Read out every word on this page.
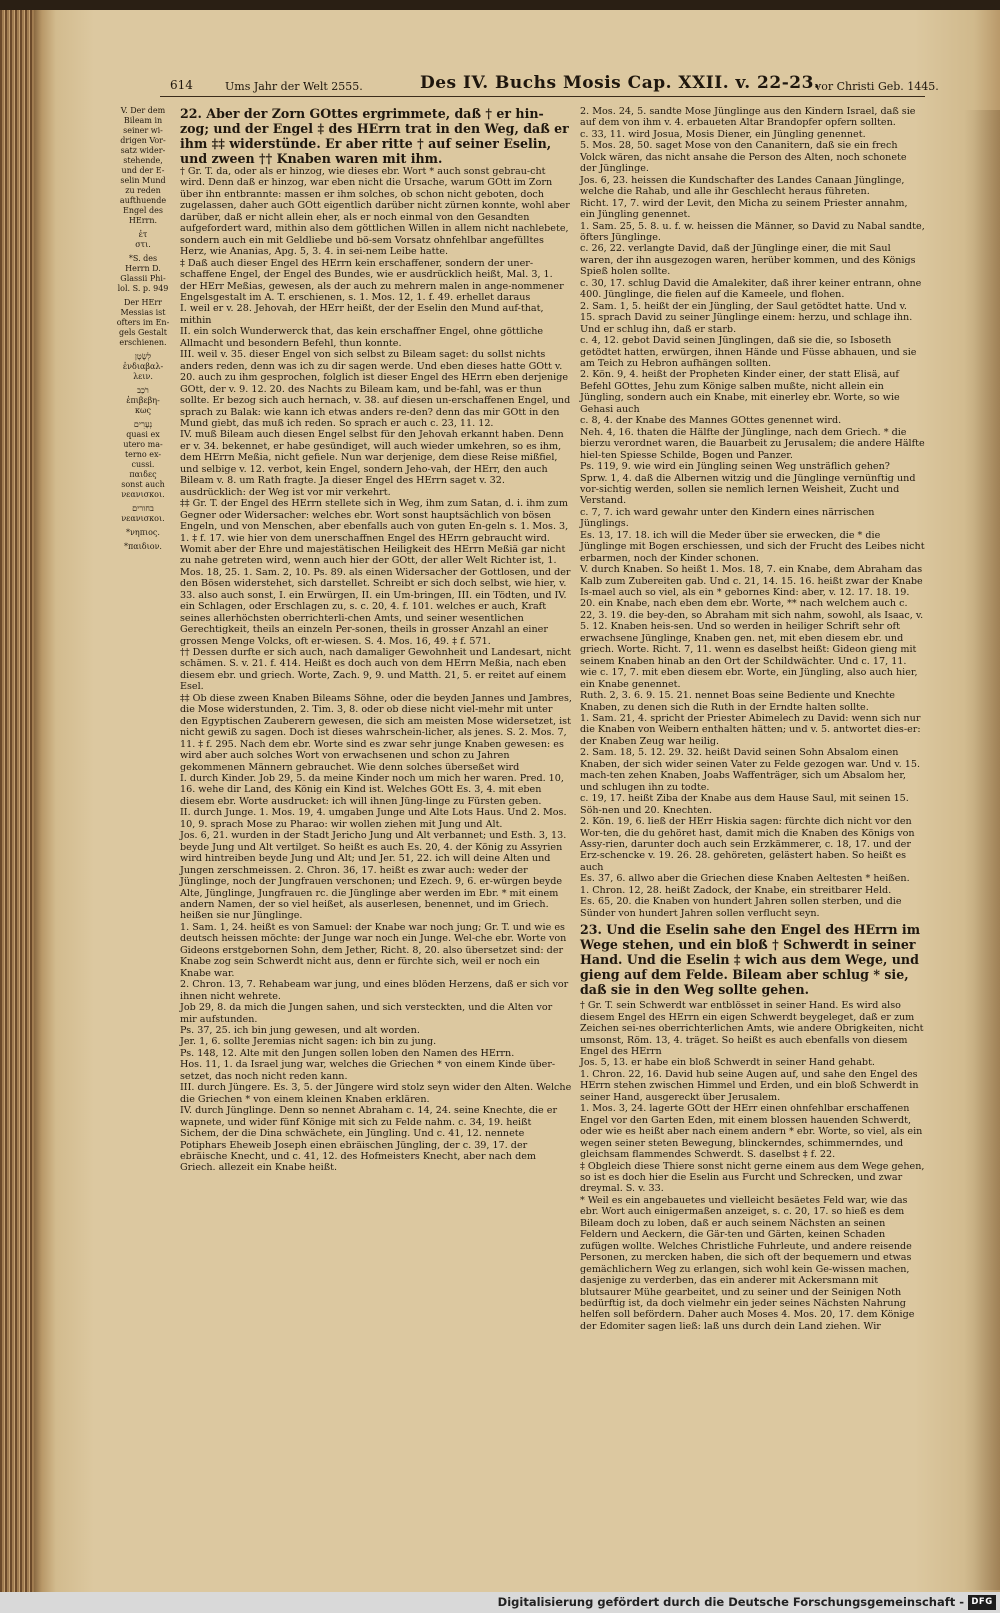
614	Ums Jahr der Welt 2555.	Des IV. Buchs Mosis Cap. XXII. v. 22-23.
vor Christi Geb. 1445.
V. Der dem
Bileam in
seiner wi-
drigen Vor-
satz wider-
stehende,
und der E-
selin Mund
zu reden
aufthuende
Engel des
HErrn.
ἐτ
στι.
*S. des
Herrn D.
Glassii Phi-
lol. S. p. 949
Der HErr
Messias ist
ofters im En-
gels Gestalt
erschienen.
לְשָׂטָן
ἐνδιαβαλ-
λειν.
רֹכֵב
ἐπιβεβη-
κως
נְעָרִים
quasi ex
utero ma-
terno ex-
cussi.
παιδες
sonst auch
νεανισκοι.
בחורים
νεανισκοι.
*νηπιος.
*παιδιον.

22. Aber der Zorn GOttes ergrimmete, daß † er hin-zog; und der Engel ‡ des HErrn trat in den Weg, daß er ihm ‡‡ widerstünde. Er aber ritte † auf seiner Eselin, und zween †† Knaben waren mit ihm.

† Gr. T. da, oder als er hinzog, wie dieses ebr. Wort * auch sonst gebrau-cht wird. Denn daß er hinzog, war eben nicht die Ursache, warum GOtt im Zorn über ihn entbrannte: massen er ihm solches, ob schon nicht geboten, doch zugelassen, daher auch GOtt eigentlich darüber nicht zürnen konnte, wohl aber darüber, daß er nicht allein eher, als er noch einmal von den Gesandten aufgefordert ward, mithin also dem göttlichen Willen in allem nicht nachlebete, sondern auch ein mit Geldliebe und bö-sem Vorsatz ohnfehlbar angefülltes Herz, wie Ananias, Apg. 5, 3. 4. in sei-nem Leibe hatte.

‡ Daß auch dieser Engel des HErrn kein erschaffener, sondern der uner-schaffene Engel, der Engel des Bundes, wie er ausdrücklich heißt, Mal. 3, 1. der HErr Meßias, gewesen, als der auch zu mehrern malen in ange-nommener Engelsgestalt im A. T. erschienen, s. 1. Mos. 12, 1. f. 49. erhellet daraus

I. weil er v. 28. Jehovah, der HErr heißt, der der Eselin den Mund auf-that, mithin

II. ein solch Wunderwerck that, das kein erschaffner Engel, ohne göttliche Allmacht und besondern Befehl, thun konnte.

III. weil v. 35. dieser Engel von sich selbst zu Bileam saget: du sollst nichts anders reden, denn was ich zu dir sagen werde. Und eben dieses hatte GOtt v. 20. auch zu ihm gesprochen, folglich ist dieser Engel des HErrn eben derjenige GOtt, der v. 9. 12. 20. des Nachts zu Bileam kam, und be-fahl, was er thun sollte. Er bezog sich auch hernach, v. 38. auf diesen un-erschaffenen Engel, und sprach zu Balak: wie kann ich etwas anders re-den? denn das mir GOtt in den Mund giebt, das muß ich reden. So sprach er auch c. 23, 11. 12.

IV. muß Bileam auch diesen Engel selbst für den Jehovah erkannt haben. Denn er v. 34. bekennet, er habe gesündiget, will auch wieder umkehren, so es ihm, dem HErrn Meßia, nicht gefiele. Nun war derjenige, dem diese Reise mißfiel, und selbige v. 12. verbot, kein Engel, sondern Jeho-vah, der HErr, den auch Bileam v. 8. um Rath fragte. Ja dieser Engel des HErrn saget v. 32. ausdrücklich: der Weg ist vor mir verkehrt.

‡‡ Gr. T. der Engel des HErrn stellete sich in Weg, ihm zum Satan, d. i. ihm zum Gegner oder Widersacher: welches ebr. Wort sonst hauptsächlich von bösen Engeln, und von Menschen, aber ebenfalls auch von guten En-geln s. 1. Mos. 3, 1. ‡ f. 17. wie hier von dem unerschaffnen Engel des HErrn gebraucht wird. Womit aber der Ehre und majestätischen Heiligkeit des HErrn Meßiä gar nicht zu nahe getreten wird, wenn auch hier der GOtt, der aller Welt Richter ist, 1. Mos. 18, 25. 1. Sam. 2, 10. Ps. 89. als einen Widersacher der Gottlosen, und der den Bösen widerstehet, sich darstellet. Schreibt er sich doch selbst, wie hier, v. 33. also auch sonst, I. ein Erwürgen, II. ein Um-bringen, III. ein Tödten, und IV. ein Schlagen, oder Erschlagen zu, s. c. 20, 4. f. 101. welches er auch, Kraft seines allerhöchsten oberrichterli-chen Amts, und seiner wesentlichen Gerechtigkeit, theils an einzeln Per-sonen, theils in grosser Anzahl an einer grossen Menge Volcks, oft er-wiesen. S. 4. Mos. 16, 49. ‡ f. 571.

†† Dessen durfte er sich auch, nach damaliger Gewohnheit und Landesart, nicht schämen. S. v. 21. f. 414. Heißt es doch auch von dem HErrn Meßia, nach eben diesem ebr. und griech. Worte, Zach. 9, 9. und Matth. 21, 5. er reitet auf einem Esel.

‡‡ Ob diese zween Knaben Bileams Söhne, oder die beyden Jannes und Jambres, die Mose widerstunden, 2. Tim. 3, 8. oder ob diese nicht viel-mehr mit unter den Egyptischen Zauberern gewesen, die sich am meisten Mose widersetzet, ist nicht gewiß zu sagen. Doch ist dieses wahrschein-licher, als jenes. S. 2. Mos. 7, 11. ‡ f. 295. Nach dem ebr. Worte sind es zwar sehr junge Knaben gewesen: es wird aber auch solches Wort von erwachsenen und schon zu Jahren gekommenen Männern gebrauchet. Wie denn solches überseßet wird

I. durch Kinder. Job 29, 5. da meine Kinder noch um mich her waren. Pred. 10, 16. wehe dir Land, des König ein Kind ist. Welches GOtt Es. 3, 4. mit eben diesem ebr. Worte ausdrucket: ich will ihnen Jüng-linge zu Fürsten geben.

II. durch Junge. 1. Mos. 19, 4. umgaben Junge und Alte Lots Haus. Und 2. Mos. 10, 9. sprach Mose zu Pharao: wir wollen ziehen mit Jung und Alt.

Jos. 6, 21. wurden in der Stadt Jericho Jung und Alt verbannet; und Esth. 3, 13. beyde Jung und Alt vertilget. So heißt es auch Es. 20, 4. der König zu Assyrien wird hintreiben beyde Jung und Alt; und Jer. 51, 22. ich will deine Alten und Jungen zerschmeissen. 2. Chron. 36, 17. heißt es zwar auch: weder der Jünglinge, noch der Jungfrauen verschonen; und Ezech. 9, 6. er-würgen beyde Alte, Jünglinge, Jungfrauen rc. die Jünglinge aber werden im Ebr. * mit einem andern Namen, der so viel heißet, als auserlesen, benennet, und im Griech. heißen sie nur Jünglinge.

1. Sam. 1, 24. heißt es von Samuel: der Knabe war noch jung; Gr. T. und wie es deutsch heissen möchte: der Junge war noch ein Junge. Wel-che ebr. Worte von Gideons erstgebornen Sohn, dem Jether, Richt. 8, 20. also übersetzet sind: der Knabe zog sein Schwerdt nicht aus, denn er fürchte sich, weil er noch ein Knabe war.

2. Chron. 13, 7. Rehabeam war jung, und eines blöden Herzens, daß er sich vor ihnen nicht wehrete.

Job 29, 8. da mich die Jungen sahen, und sich versteckten, und die Alten vor mir aufstunden.

Ps. 37, 25. ich bin jung gewesen, und alt worden.

Jer. 1, 6. sollte Jeremias nicht sagen: ich bin zu jung.

Ps. 148, 12. Alte mit den Jungen sollen loben den Namen des HErrn.

Hos. 11, 1. da Israel jung war, welches die Griechen * von einem Kinde über-setzet, das noch nicht reden kann.

III. durch Jüngere. Es. 3, 5. der Jüngere wird stolz seyn wider den Alten. Welche die Griechen * von einem kleinen Knaben erklären.

IV. durch Jünglinge. Denn so nennet Abraham c. 14, 24. seine Knechte, die er wapnete, und wider fünf Könige mit sich zu Felde nahm. c. 34, 19. heißt Sichem, der die Dina schwächete, ein Jüngling. Und c. 41, 12. nennete Potiphars Eheweib Joseph einen ebräischen Jüngling, der c. 39, 17. der ebräische Knecht, und c. 41, 12. des Hofmeisters Knecht, aber nach dem Griech. allezeit ein Knabe heißt.

2. Mos. 24, 5. sandte Mose Jünglinge aus den Kindern Israel, daß sie auf dem von ihm v. 4. erbaueten Altar Brandopfer opfern sollten.

c. 33, 11. wird Josua, Mosis Diener, ein Jüngling genennet.

5. Mos. 28, 50. saget Mose von den Cananitern, daß sie ein frech Volck wären, das nicht ansahe die Person des Alten, noch schonete der Jünglinge.

Jos. 6, 23. heissen die Kundschafter des Landes Canaan Jünglinge, welche die Rahab, und alle ihr Geschlecht heraus führeten.

Richt. 17, 7. wird der Levit, den Micha zu seinem Priester annahm, ein Jüngling genennet.

1. Sam. 25, 5. 8. u. f. w. heissen die Männer, so David zu Nabal sandte, öfters Jünglinge.

c. 26, 22. verlangte David, daß der Jünglinge einer, die mit Saul waren, der ihn ausgezogen waren, herüber kommen, und des Königs Spieß holen sollte.

c. 30, 17. schlug David die Amalekiter, daß ihrer keiner entrann, ohne 400. Jünglinge, die fielen auf die Kameele, und flohen.

2. Sam. 1, 5. heißt der ein Jüngling, der Saul getödtet hatte. Und v. 15. sprach David zu seiner Jünglinge einem: herzu, und schlage ihn. Und er schlug ihn, daß er starb.

c. 4, 12. gebot David seinen Jünglingen, daß sie die, so Isboseth getödtet hatten, erwürgen, ihnen Hände und Füsse abhauen, und sie am Teich zu Hebron aufhängen sollten.

2. Kön. 9, 4. heißt der Propheten Kinder einer, der statt Elisä, auf Befehl GOttes, Jehu zum Könige salben mußte, nicht allein ein Jüngling, sondern auch ein Knabe, mit einerley ebr. Worte, so wie Gehasi auch

c. 8, 4. der Knabe des Mannes GOttes genennet wird.

Neh. 4, 16. thaten die Hälfte der Jünglinge, nach dem Griech. * die bierzu verordnet waren, die Bauarbeit zu Jerusalem; die andere Hälfte hiel-ten Spiesse Schilde, Bogen und Panzer.

Ps. 119, 9. wie wird ein Jüngling seinen Weg unsträflich gehen?

Sprw. 1, 4. daß die Albernen witzig und die Jünglinge vernünftig und vor-sichtig werden, sollen sie nemlich lernen Weisheit, Zucht und Verstand.

c. 7, 7. ich ward gewahr unter den Kindern eines närrischen Jünglings.

Es. 13, 17. 18. ich will die Meder über sie erwecken, die * die Jünglinge mit Bogen erschiessen, und sich der Frucht des Leibes nicht erbarmen, noch der Kinder schonen.

V. durch Knaben. So heißt 1. Mos. 18, 7. ein Knabe, dem Abraham das Kalb zum Zubereiten gab. Und c. 21, 14. 15. 16. heißt zwar der Knabe Is-mael auch so viel, als ein * gebornes Kind: aber, v. 12. 17. 18. 19. 20. ein Knabe, nach eben dem ebr. Worte, ** nach welchem auch c. 22, 3. 19. die bey-den, so Abraham mit sich nahm, sowohl, als Isaac, v. 5. 12. Knaben heis-sen. Und so werden in heiliger Schrift sehr oft erwachsene Jünglinge, Knaben gen. net, mit eben diesem ebr. und griech. Worte. Richt. 7, 11. wenn es daselbst heißt: Gideon gieng mit seinem Knaben hinab an den Ort der Schildwächter. Und c. 17, 11. wie c. 17, 7. mit eben diesem ebr. Worte, ein Jüngling, also auch hier, ein Knabe genennet.

Ruth. 2, 3. 6. 9. 15. 21. nennet Boas seine Bediente und Knechte Knaben, zu denen sich die Ruth in der Erndte halten sollte.

1. Sam. 21, 4. spricht der Priester Abimelech zu David: wenn sich nur die Knaben von Weibern enthalten hätten; und v. 5. antwortet dies-er: der Knaben Zeug war heilig.

2. Sam. 18, 5. 12. 29. 32. heißt David seinen Sohn Absalom einen Knaben, der sich wider seinen Vater zu Felde gezogen war. Und v. 15. mach-ten zehen Knaben, Joabs Waffenträger, sich um Absalom her, und schlugen ihn zu todte.

c. 19, 17. heißt Ziba der Knabe aus dem Hause Saul, mit seinen 15. Söh-nen und 20. Knechten.

2. Kön. 19, 6. ließ der HErr Hiskia sagen: fürchte dich nicht vor den Wor-ten, die du gehöret hast, damit mich die Knaben des Königs von Assy-rien, darunter doch auch sein Erzkämmerer, c. 18, 17. und der Erz-schencke v. 19. 26. 28. gehöreten, gelästert haben. So heißt es auch

Es. 37, 6. allwo aber die Griechen diese Knaben Aeltesten * heißen.

1. Chron. 12, 28. heißt Zadock, der Knabe, ein streitbarer Held.

Es. 65, 20. die Knaben von hundert Jahren sollen sterben, und die Sünder von hundert Jahren sollen verflucht seyn.

23. Und die Eselin sahe den Engel des HErrn im Wege stehen, und ein bloß † Schwerdt in seiner Hand. Und die Eselin ‡ wich aus dem Wege, und gieng auf dem Felde. Bileam aber schlug * sie, daß sie in den Weg sollte gehen.

† Gr. T. sein Schwerdt war entblösset in seiner Hand. Es wird also diesem Engel des HErrn ein eigen Schwerdt beygeleget, daß er zum Zeichen sei-nes oberrichterlichen Amts, wie andere Obrigkeiten, nicht umsonst, Röm. 13, 4. träget. So heißt es auch ebenfalls von diesem Engel des HErrn

Jos. 5, 13. er habe ein bloß Schwerdt in seiner Hand gehabt.

1. Chron. 22, 16. David hub seine Augen auf, und sahe den Engel des HErrn stehen zwischen Himmel und Erden, und ein bloß Schwerdt in seiner Hand, ausgereckt über Jerusalem.

1. Mos. 3, 24. lagerte GOtt der HErr einen ohnfehlbar erschaffenen Engel vor den Garten Eden, mit einem blossen hauenden Schwerdt, oder wie es heißt aber nach einem andern * ebr. Worte, so viel, als ein wegen seiner steten Bewegung, blinckerndes, schimmerndes, und gleichsam flammendes Schwerdt. S. daselbst ‡ f. 22.

‡ Obgleich diese Thiere sonst nicht gerne einem aus dem Wege gehen, so ist es doch hier die Eselin aus Furcht und Schrecken, und zwar dreymal. S. v. 33.

* Weil es ein angebauetes und vielleicht besäetes Feld war, wie das ebr. Wort auch einigermaßen anzeiget, s. c. 20, 17. so hieß es dem Bileam doch zu loben, daß er auch seinem Nächsten an seinen Feldern und Aeckern, die Gär-ten und Gärten, keinen Schaden zufügen wollte. Welches Christliche Fuhrleute, und andere reisende Personen, zu mercken haben, die sich oft der bequemern und etwas gemächlichern Weg zu erlangen, sich wohl kein Ge-wissen machen, dasjenige zu verderben, das ein anderer mit Ackersmann mit blutsaurer Mühe gearbeitet, und zu seiner und der Seinigen Noth bedürftig ist, da doch vielmehr ein jeder seines Nächsten Nahrung helfen soll befördern. Daher auch Moses 4. Mos. 20, 17. dem Könige der Edomiter sagen ließ: laß uns durch dein Land ziehen. Wir

Digitalisierung gefördert durch die Deutsche Forschungsgemeinschaft - DFG
